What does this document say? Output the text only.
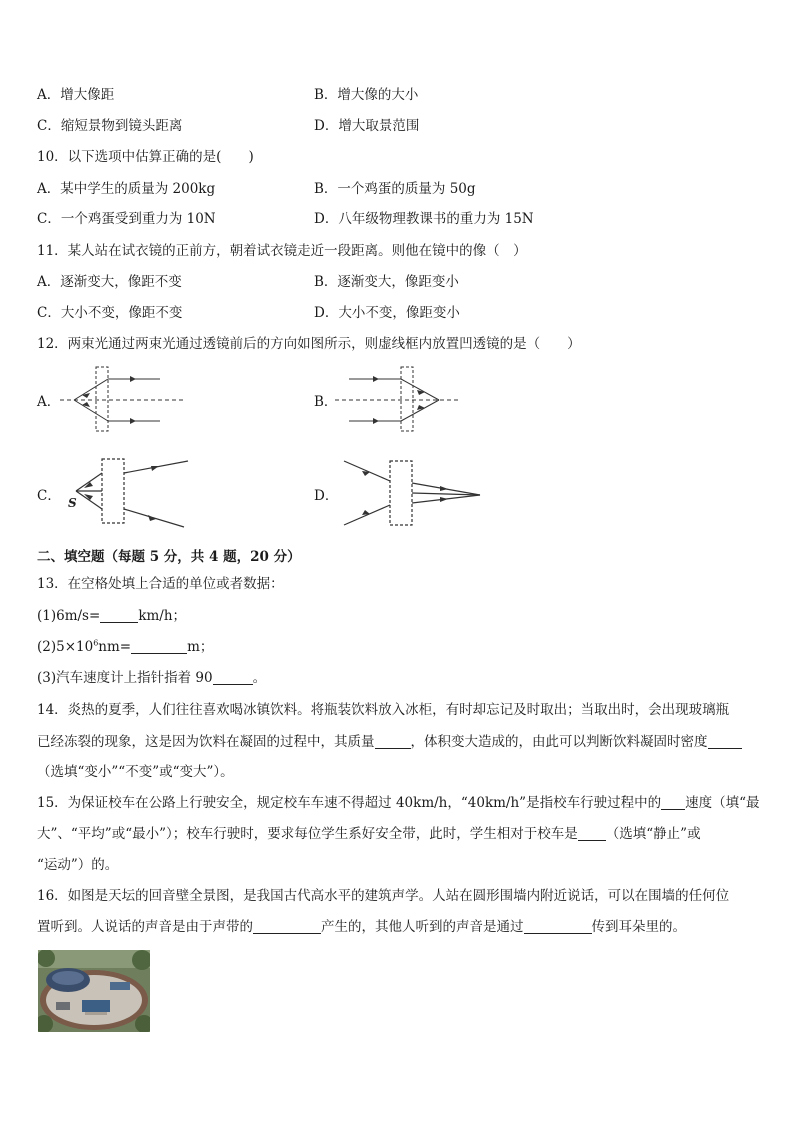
A．增大像距	B．增大像的大小
C．缩短景物到镜头距离	D．增大取景范围
10．以下选项中估算正确的是(　　)
A．某中学生的质量为 200kg	B．一个鸡蛋的质量为 50g
C．一个鸡蛋受到重力为 10N	D．八年级物理教课书的重力为 15N
11．某人站在试衣镜的正前方，朝着试衣镜走近一段距离。则他在镜中的像（　）
A．逐渐变大，像距不变	B．逐渐变大，像距变小
C．大小不变，像距不变	D．大小不变，像距变小
12．两束光通过两束光通过透镜前后的方向如图所示，则虚线框内放置凹透镜的是（　　）
A．	B．
C． S	D．
二、填空题（每题 5 分，共 4 题，20 分）
13．在空格处填上合适的单位或者数据：
(1)6m/s=	km/h；
$(2)5\times 10^6nm=$	m；
(3)汽车速度计上指针指着 90	。
14．炎热的夏季，人们往往喜欢喝冰镇饮料。将瓶装饮料放入冰柜，有时却忘记及时取出；当取出时，会出现玻璃瓶
已经冻裂的现象，这是因为饮料在凝固的过程中，其质量	，体积变大造成的，由此可以判断饮料凝固时密度
（选填“变小”“不变”或“变大”）。
15．为保证校车在公路上行驶安全，规定校车车速不得超过 40km/h，“40km/h”是指校车行驶过程中的 速度（填“最
大”、“平均”或“最小”）；校车行驶时，要求每位学生系好安全带，此时，学生相对于校车是 （选填“静止”或
“运动”）的。
16．如图是天坛的回音壁全景图，是我国古代高水平的建筑声学。人站在圆形围墙内附近说话，可以在围墙的任何位
置听到。人说话的声音是由于声带的	产生的，其他人听到的声音是通过	传到耳朵里的。
